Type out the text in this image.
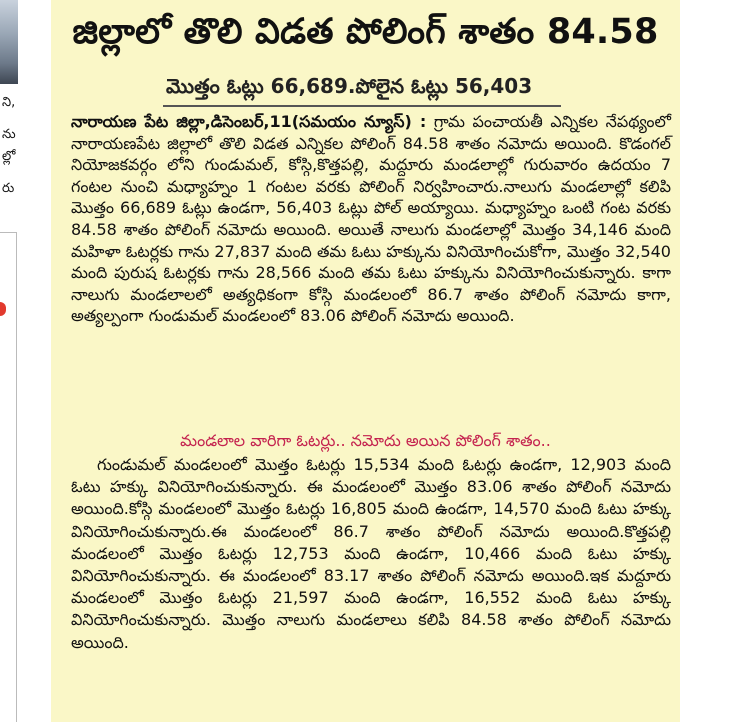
ని,
ను
ల్లో
రు
జిల్లాలో తొలి విడత పోలింగ్ శాతం 84.58
మొత్తం ఓట్లు 66,689.పోలైన ఓట్లు 56,403

నారాయణ పేట జిల్లా,డిసెంబర్,11(సమయం న్యూస్) : గ్రామ పంచాయతీ ఎన్నికల నేపథ్యంలో నారాయణపేట జిల్లాలో తొలి విడత ఎన్నికల పోలింగ్ 84.58 శాతం నమోదు అయింది. కొడంగల్ నియోజకవర్గం లోని గుండుమల్, కోస్గి,కొత్తపల్లి, మద్దూరు మండలాల్లో గురువారం ఉదయం 7 గంటల నుంచి మధ్యాహ్నం 1 గంటల వరకు పోలింగ్ నిర్వహించారు.నాలుగు మండలాల్లో కలిపి మొత్తం 66,689 ఓట్లు ఉండగా, 56,403 ఓట్లు పోల్ అయ్యాయి. మధ్యాహ్నం ఒంటి గంట వరకు 84.58 శాతం పోలింగ్ నమోదు అయింది. అయితే నాలుగు మండలాల్లో మొత్తం 34,146 మంది మహిళా ఓటర్లకు గాను 27,837 మంది తమ ఓటు హక్కును వినియోగించుకోగా, మొత్తం 32,540 మంది పురుష ఓటర్లకు గాను 28,566 మంది తమ ఓటు హక్కును వినియోగించుకున్నారు. కాగా నాలుగు మండలాలలో అత్యధికంగా కోస్గి మండలంలో 86.7 శాతం పోలింగ్ నమోదు కాగా, అత్యల్పంగా గుండుమల్ మండలంలో 83.06 పోలింగ్ నమోదు అయింది.

మండలాల వారిగా ఓటర్లు.. నమోదు అయిన పోలింగ్ శాతం..

గుండుమల్ మండలంలో మొత్తం ఓటర్లు 15,534 మంది ఓటర్లు ఉండగా, 12,903 మంది ఓటు హక్కు వినియోగించుకున్నారు. ఈ మండలంలో మొత్తం 83.06 శాతం పోలింగ్ నమోదు అయింది.కోస్గి మండలంలో మొత్తం ఓటర్లు 16,805 మంది ఉండగా, 14,570 మంది ఓటు హక్కు వినియోగించుకున్నారు.ఈ మండలంలో 86.7 శాతం పోలింగ్ నమోదు అయింది.కొత్తపల్లి మండలంలో మొత్తం ఓటర్లు 12,753 మంది ఉండగా, 10,466 మంది ఓటు హక్కు వినియోగించుకున్నారు. ఈ మండలంలో 83.17 శాతం పోలింగ్ నమోదు అయింది.ఇక మద్దూరు మండలంలో మొత్తం ఓటర్లు 21,597 మంది ఉండగా, 16,552 మంది ఓటు హక్కు వినియోగించుకున్నారు. మొత్తం నాలుగు మండలాలు కలిపి 84.58 శాతం పోలింగ్ నమోదు అయింది.
